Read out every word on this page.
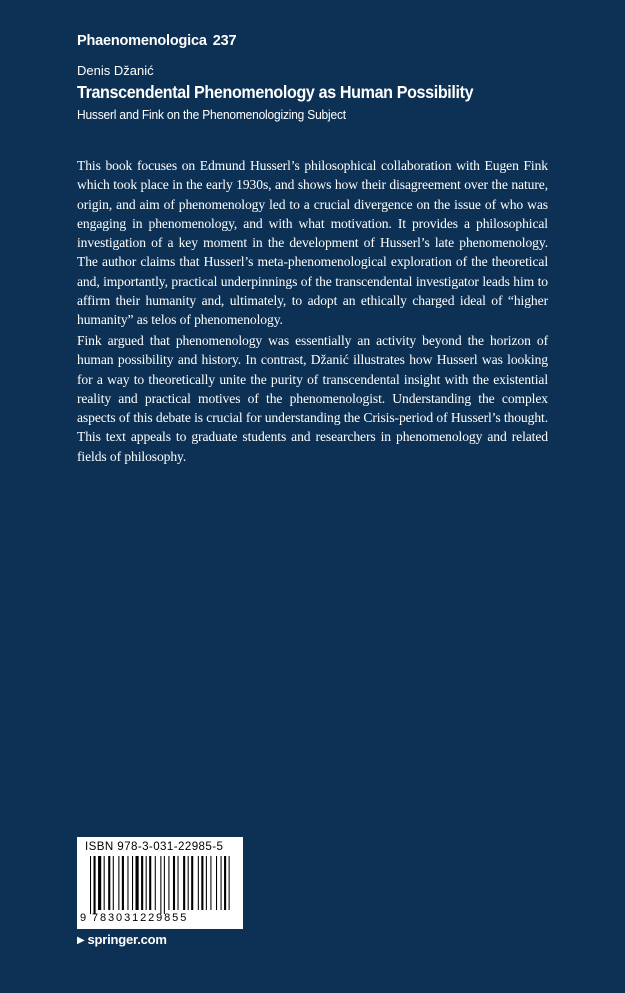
Phaenomenologica 237
Denis Džanić
Transcendental Phenomenology as Human Possibility
Husserl and Fink on the Phenomenologizing Subject

This book focuses on Edmund Husserl’s philosophical collaboration with Eugen Fink which took place in the early 1930s, and shows how their disagreement over the nature, origin, and aim of phenomenology led to a crucial divergence on the issue of who was engaging in phenomenology, and with what motivation. It provides a philosophical investigation of a key moment in the development of Husserl’s late phenomenology. The author claims that Husserl’s meta-phenomenological exploration of the theoretical and, importantly, practical underpinnings of the transcendental investigator leads him to affirm their humanity and, ultimately, to adopt an ethically charged ideal of “higher humanity” as telos of phenomenology.

Fink argued that phenomenology was essentially an activity beyond the horizon of human possibility and history. In contrast, Džanić illustrates how Husserl was looking for a way to theoretically unite the purity of transcendental insight with the existential reality and practical motives of the phenomenologist. Understanding the complex aspects of this debate is crucial for understanding the Crisis-period of Husserl’s thought. This text appeals to graduate students and researchers in phenomenology and related fields of philosophy.

ISBN 978-3-031-22985-5
9 783031229855
▶ springer.com
